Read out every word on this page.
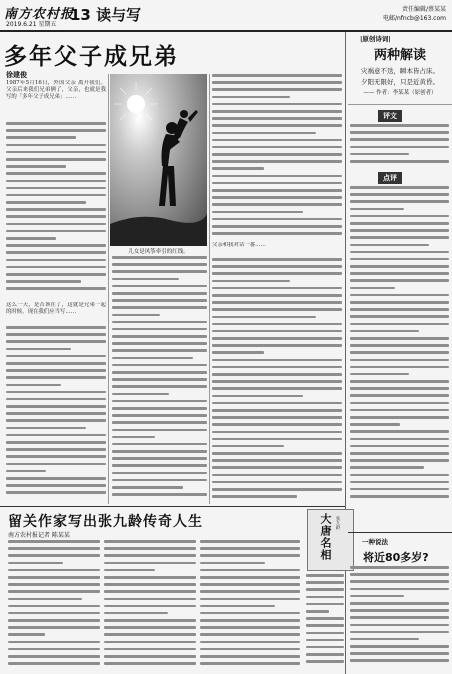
南方农村报
2019.6.21 星期五
13 读与写	责任编辑/蔡某某
电邮/nfncb@163.com
多年父子成兄弟
徐建俊
1987年5月16日，外国父亲 离开我们。父亲后来我们兄弟俩了，父亲，也就是我写的「多年父子成兄弟」……
这么一天，是否该在了，这就是兄弟一起的时候。现在我们应当写……
儿女是风筝牵引的红线。
父亲和我对话一番……
|原创诗词|
两种解读
灾祸意不迭，瞬本皆占床。
夕阳无限好，只是近黄昏。
—— 作者：李某某（原创者）
评文
点评
留关作家写出张九龄传奇人生
南方农村报记者 陈某某	大唐名相 张九龄
一种说法
将近80多岁?
